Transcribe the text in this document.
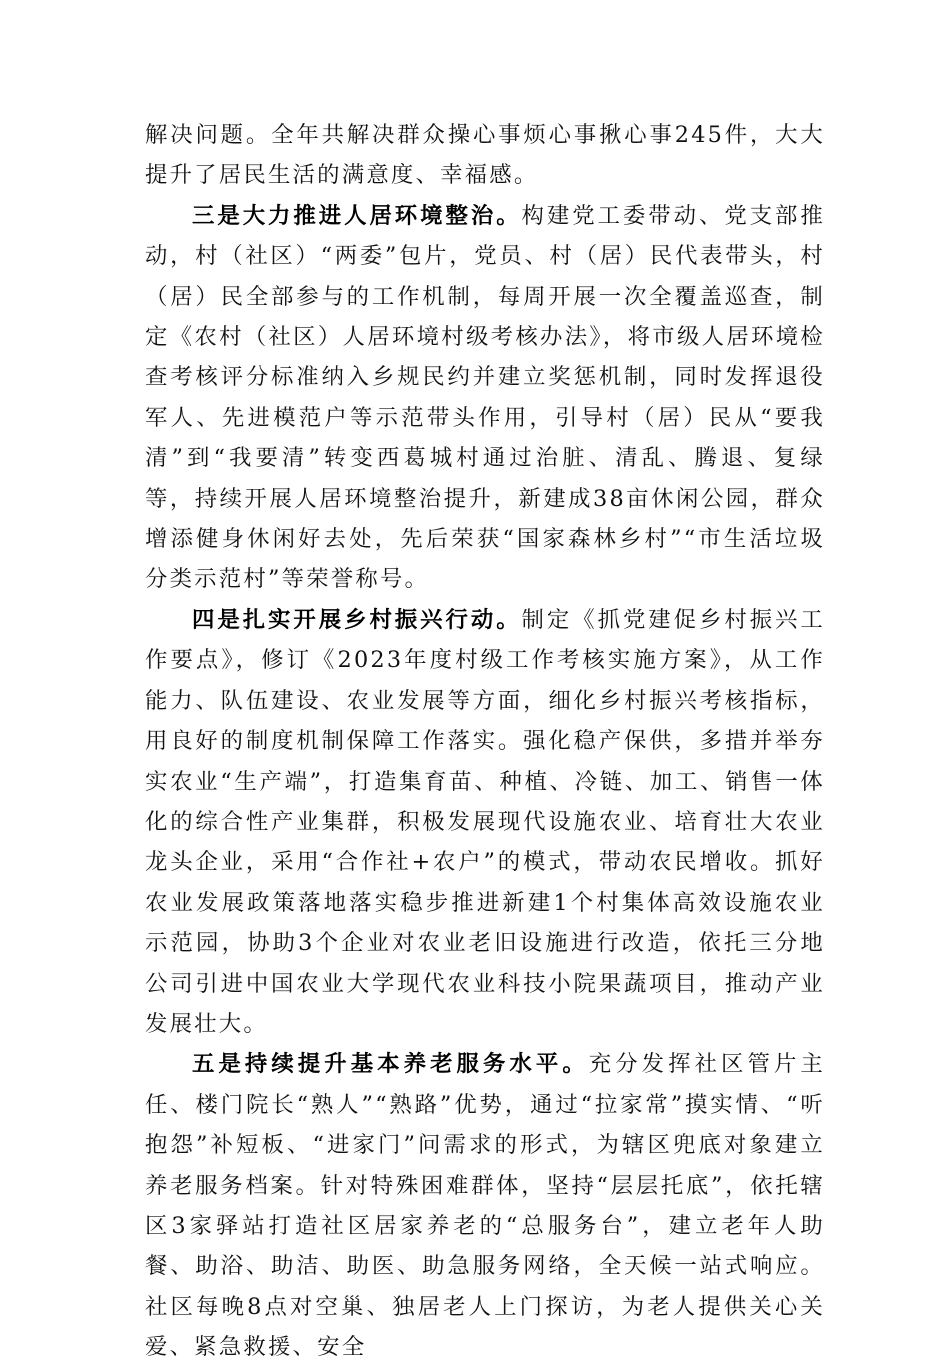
解决问题。全年共解决群众操心事烦心事揪心事245件，大大提升了居民生活的满意度、幸福感。

三是大力推进人居环境整治。构建党工委带动、党支部推动，村（社区）“两委”包片，党员、村（居）民代表带头，村（居）民全部参与的工作机制，每周开展一次全覆盖巡查，制定《农村（社区）人居环境村级考核办法》，将市级人居环境检查考核评分标准纳入乡规民约并建立奖惩机制，同时发挥退役军人、先进模范户等示范带头作用，引导村（居）民从“要我清”到“我要清”转变西葛城村通过治脏、清乱、腾退、复绿等，持续开展人居环境整治提升，新建成38亩休闲公园，群众增添健身休闲好去处，先后荣获“国家森林乡村”“市生活垃圾分类示范村”等荣誉称号。

四是扎实开展乡村振兴行动。制定《抓党建促乡村振兴工作要点》，修订《2023年度村级工作考核实施方案》，从工作能力、队伍建设、农业发展等方面，细化乡村振兴考核指标，用良好的制度机制保障工作落实。强化稳产保供，多措并举夯实农业“生产端”，打造集育苗、种植、冷链、加工、销售一体化的综合性产业集群，积极发展现代设施农业、培育壮大农业龙头企业，采用“合作社+农户”的模式，带动农民增收。抓好农业发展政策落地落实稳步推进新建1个村集体高效设施农业示范园，协助3个企业对农业老旧设施进行改造，依托三分地公司引进中国农业大学现代农业科技小院果蔬项目，推动产业发展壮大。

五是持续提升基本养老服务水平。充分发挥社区管片主任、楼门院长“熟人”“熟路”优势，通过“拉家常”摸实情、“听抱怨”补短板、“进家门”问需求的形式，为辖区兜底对象建立养老服务档案。针对特殊困难群体，坚持“层层托底”，依托辖区3家驿站打造社区居家养老的“总服务台”，建立老年人助餐、助浴、助洁、助医、助急服务网络，全天候一站式响应。社区每晚8点对空巢、独居老人上门探访，为老人提供关心关爱、紧急救援、安全
